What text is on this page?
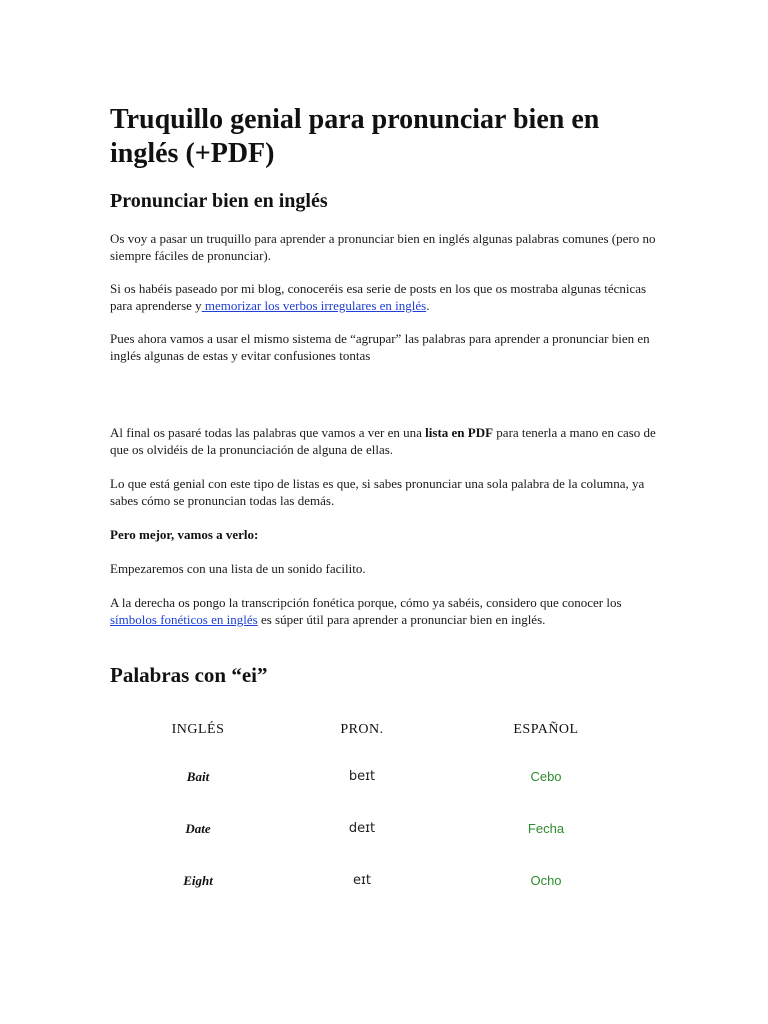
Truquillo genial para pronunciar bien en inglés (+PDF)
Pronunciar bien en inglés

Os voy a pasar un truquillo para aprender a pronunciar bien en inglés algunas palabras comunes (pero no siempre fáciles de pronunciar).

Si os habéis paseado por mi blog, conoceréis esa serie de posts en los que os mostraba algunas técnicas para aprenderse y memorizar los verbos irregulares en inglés.

Pues ahora vamos a usar el mismo sistema de “agrupar” las palabras para aprender a pronunciar bien en inglés algunas de estas y evitar confusiones tontas

Al final os pasaré todas las palabras que vamos a ver en una lista en PDF para tenerla a mano en caso de que os olvidéis de la pronunciación de alguna de ellas.

Lo que está genial con este tipo de listas es que, si sabes pronunciar una sola palabra de la columna, ya sabes cómo se pronuncian todas las demás.

Pero mejor, vamos a verlo:

Empezaremos con una lista de un sonido facilito.

A la derecha os pongo la transcripción fonética porque, cómo ya sabéis, considero que conocer los símbolos fonéticos en inglés es súper útil para aprender a pronunciar bien en inglés.

Palabras con “ei”
INGLÉS	PRON.	ESPAÑOL
Bait	beɪt	Cebo
Date	deɪt	Fecha
Eight	eɪt	Ocho
